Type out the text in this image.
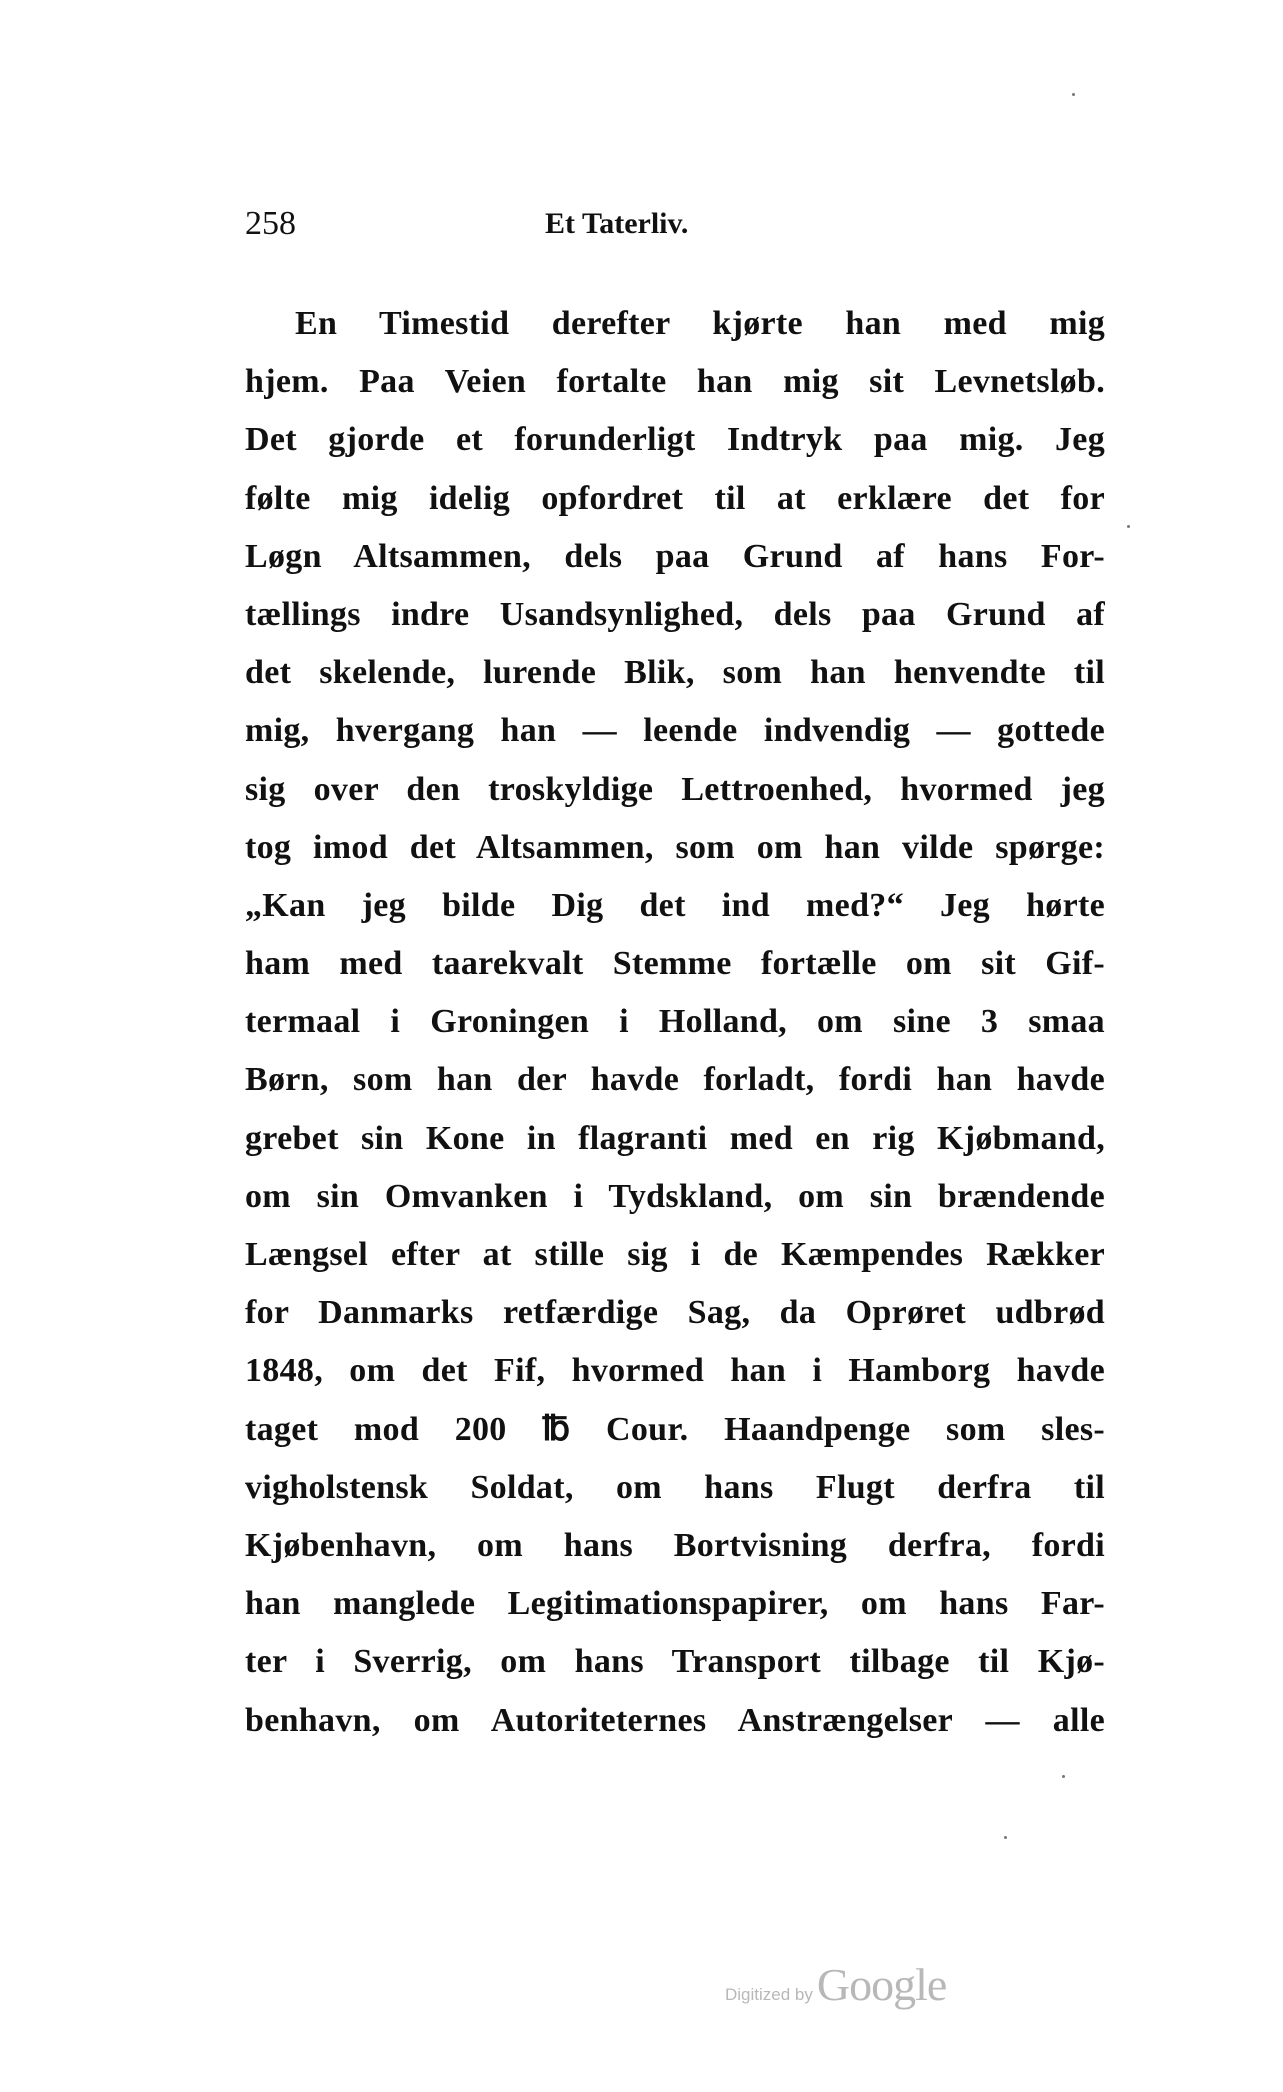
258	Et Taterliv.
En Timestid derefter kjørte han med mig
hjem. Paa Veien fortalte han mig sit Levnetsløb.
Det gjorde et forunderligt Indtryk paa mig. Jeg
følte mig idelig opfordret til at erklære det for
Løgn Altsammen, dels paa Grund af hans For-
tællings indre Usandsynlighed, dels paa Grund af
det skelende, lurende Blik, som han henvendte til
mig, hvergang han — leende indvendig — gottede
sig over den troskyldige Lettroenhed, hvormed jeg
tog imod det Altsammen, som om han vilde spørge:
„Kan jeg bilde Dig det ind med?“ Jeg hørte
ham med taarekvalt Stemme fortælle om sit Gif-
termaal i Groningen i Holland, om sine 3 smaa
Børn, som han der havde forladt, fordi han havde
grebet sin Kone in flagranti med en rig Kjøbmand,
om sin Omvanken i Tydskland, om sin brændende
Længsel efter at stille sig i de Kæmpendes Rækker
for Danmarks retfærdige Sag, da Oprøret udbrød
1848, om det Fif, hvormed han i Hamborg havde
taget mod 200 ℔ Cour. Haandpenge som sles-
vigholstensk Soldat, om hans Flugt derfra til
Kjøbenhavn, om hans Bortvisning derfra, fordi
han manglede Legitimationspapirer, om hans Far-
ter i Sverrig, om hans Transport tilbage til Kjø-
benhavn, om Autoriteternes Anstrængelser — alle
Digitized by Google
